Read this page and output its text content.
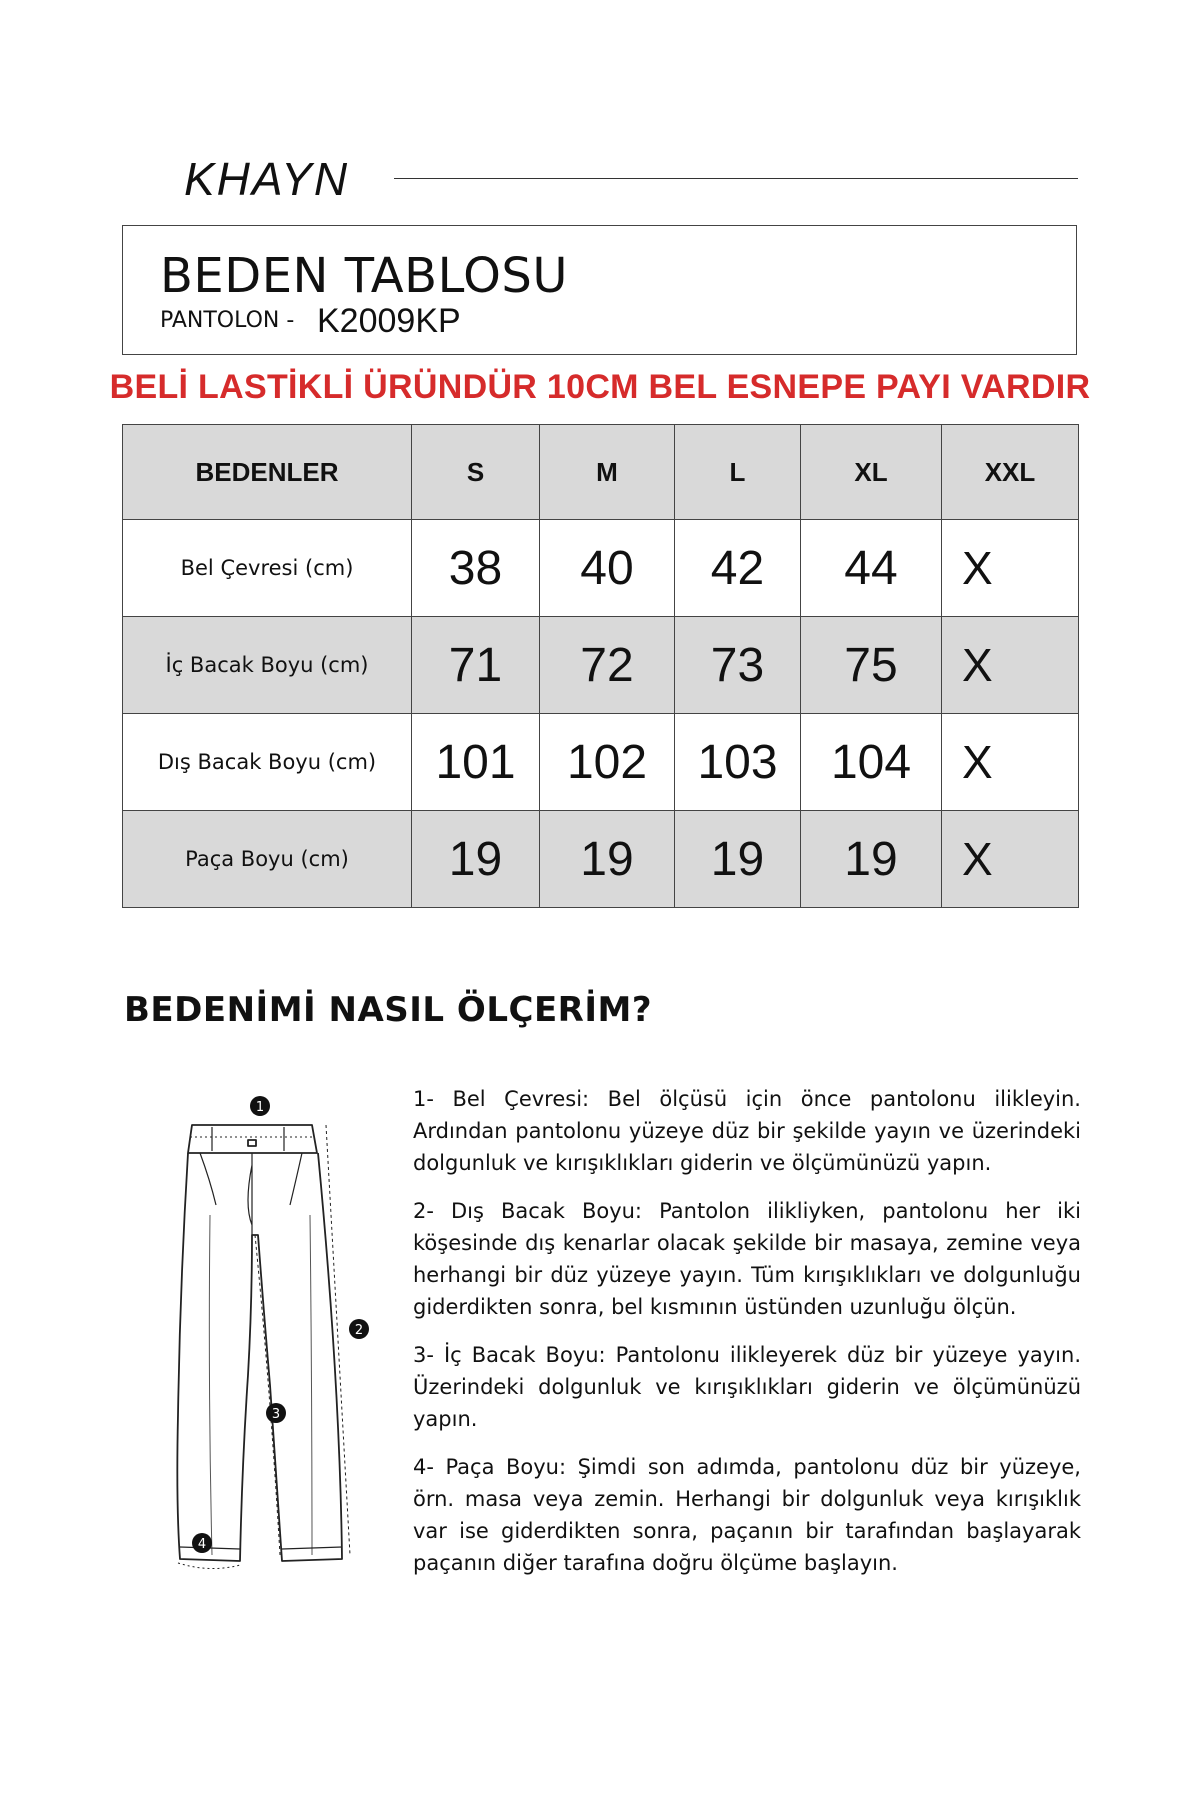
KHAYN
BEDEN TABLOSU
PANTOLON - K2009KP
BELİ LASTİKLİ ÜRÜNDÜR 10CM BEL ESNEPE PAYI VARDIR
BEDENLER	S	M	L	XL	XXL
Bel Çevresi (cm)	38	40	42	44	X
İç Bacak Boyu (cm)	71	72	73	75	X
Dış Bacak Boyu (cm)	101	102	103	104	X
Paça Boyu (cm)	19	19	19	19	X
BEDENİMİ NASIL ÖLÇERİM?
1
2
3
4

1- Bel Çevresi: Bel ölçüsü için önce pantolonu ilikleyin. Ardından pantolonu yüzeye düz bir şekilde yayın ve üzerindeki dolgunluk ve kırışıklıkları giderin ve ölçümünüzü yapın.

2- Dış Bacak Boyu: Pantolon ilikliyken, pantolonu her iki köşesinde dış kenarlar olacak şekilde bir masaya, zemine veya herhangi bir düz yüzeye yayın. Tüm kırışıklıkları ve dolgunluğu giderdikten sonra, bel kısmının üstünden uzunluğu ölçün.

3- İç Bacak Boyu: Pantolonu ilikleyerek düz bir yüzeye yayın. Üzerindeki dolgunluk ve kırışıklıkları giderin ve ölçümünüzü yapın.

4- Paça Boyu: Şimdi son adımda, pantolonu düz bir yüzeye, örn. masa veya zemin. Herhangi bir dolgunluk veya kırışıklık var ise giderdikten sonra, paçanın bir tarafından başlayarak paçanın diğer tarafına doğru ölçüme başlayın.
